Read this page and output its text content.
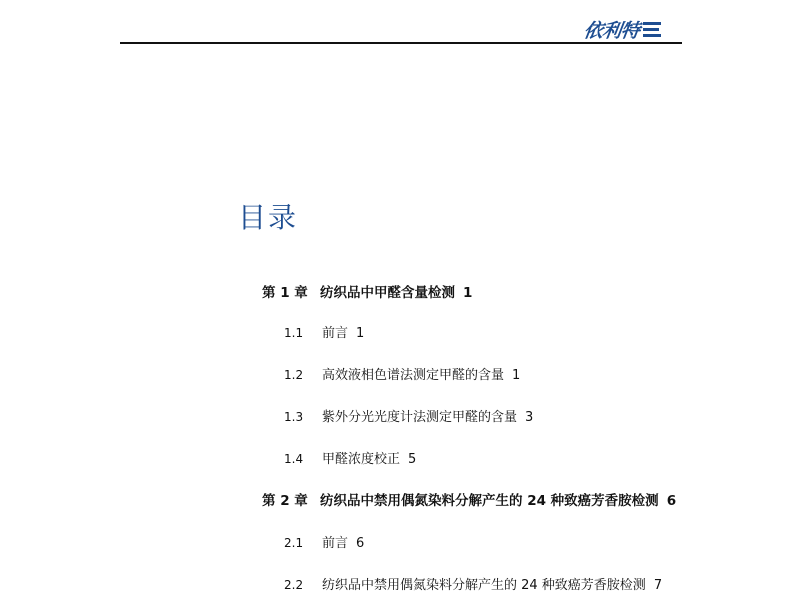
依利特
目录
第 1 章 纺织品中甲醛含量检测 1
1.1 前言 1
1.2 高效液相色谱法测定甲醛的含量 1
1.3 紫外分光光度计法测定甲醛的含量 3
1.4 甲醛浓度校正 5
第 2 章 纺织品中禁用偶氮染料分解产生的 24 种致癌芳香胺检测 6
2.1 前言 6
2.2 纺织品中禁用偶氮染料分解产生的 24 种致癌芳香胺检测 7
